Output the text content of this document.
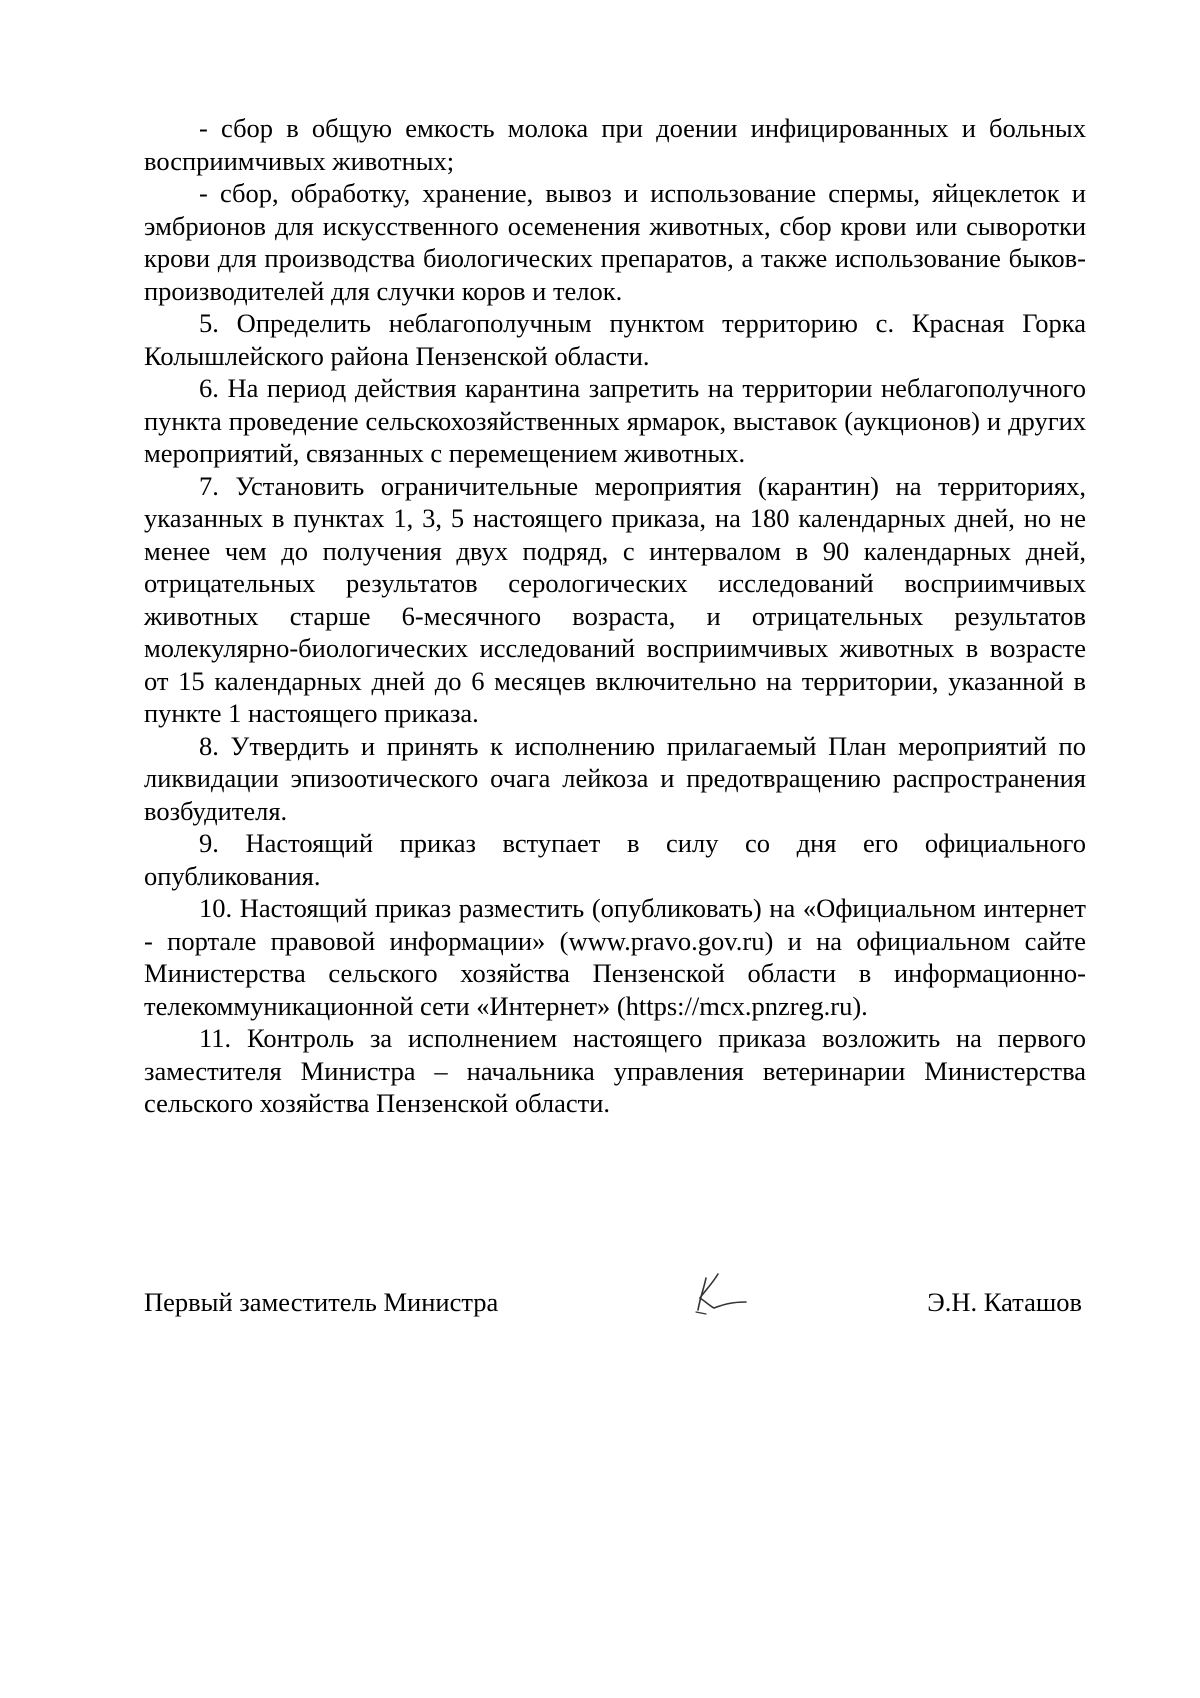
- сбор в общую емкость молока при доении инфицированных и больных восприимчивых животных;

- сбор, обработку, хранение, вывоз и использование спермы, яйцеклеток и эмбрионов для искусственного осеменения животных, сбор крови или сыворотки крови для производства биологических препаратов, а также использование быков-производителей для случки коров и телок.

5. Определить неблагополучным пунктом территорию с. Красная Горка Колышлейского района Пензенской области.

6. На период действия карантина запретить на территории неблагополучного пункта проведение сельскохозяйственных ярмарок, выставок (аукционов) и других мероприятий, связанных с перемещением животных.

7. Установить ограничительные мероприятия (карантин) на территориях, указанных в пунктах 1, 3, 5 настоящего приказа, на 180 календарных дней, но не менее чем до получения двух подряд, с интервалом в 90 календарных дней, отрицательных результатов серологических исследований восприимчивых животных старше 6-месячного возраста, и отрицательных результатов молекулярно-биологических исследований восприимчивых животных в возрасте от 15 календарных дней до 6 месяцев включительно на территории, указанной в пункте 1 настоящего приказа.

8. Утвердить и принять к исполнению прилагаемый План мероприятий по ликвидации эпизоотического очага лейкоза и предотвращению распространения возбудителя.

9. Настоящий приказ вступает в силу со дня его официального опубликования.

10. Настоящий приказ разместить (опубликовать) на «Официальном интернет - портале правовой информации» (www.pravo.gov.ru) и на официальном сайте Министерства сельского хозяйства Пензенской области в информационно-телекоммуникационной сети «Интернет» (https://mcx.pnzreg.ru).

11. Контроль за исполнением настоящего приказа возложить на первого заместителя Министра – начальника управления ветеринарии Министерства сельского хозяйства Пензенской области.

Первый заместитель Министра	Э.Н. Каташов
